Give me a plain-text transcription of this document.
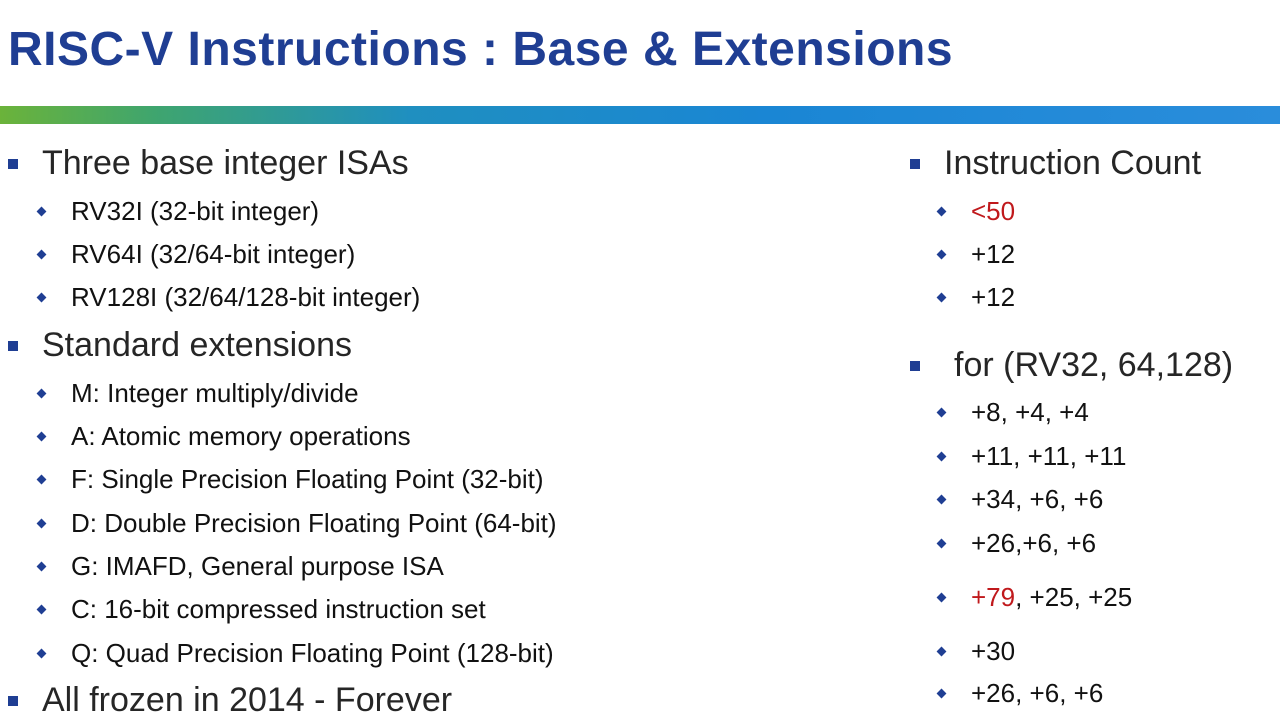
RISC-V Instructions : Base & Extensions
Three base integer ISAs
RV32I (32-bit integer)
RV64I (32/64-bit integer)
RV128I (32/64/128-bit integer)
Standard extensions
M: Integer multiply/divide
A: Atomic memory operations
F: Single Precision Floating Point (32-bit)
D: Double Precision Floating Point (64-bit)
G: IMAFD, General purpose ISA
C: 16-bit compressed instruction set
Q: Quad Precision Floating Point (128-bit)
All frozen in 2014 - Forever
Instruction Count
<50
+12
+12
for (RV32, 64,128)
+8, +4, +4
+11, +11, +11
+34, +6, +6
+26,+6, +6
+79, +25, +25
+30
+26, +6, +6
